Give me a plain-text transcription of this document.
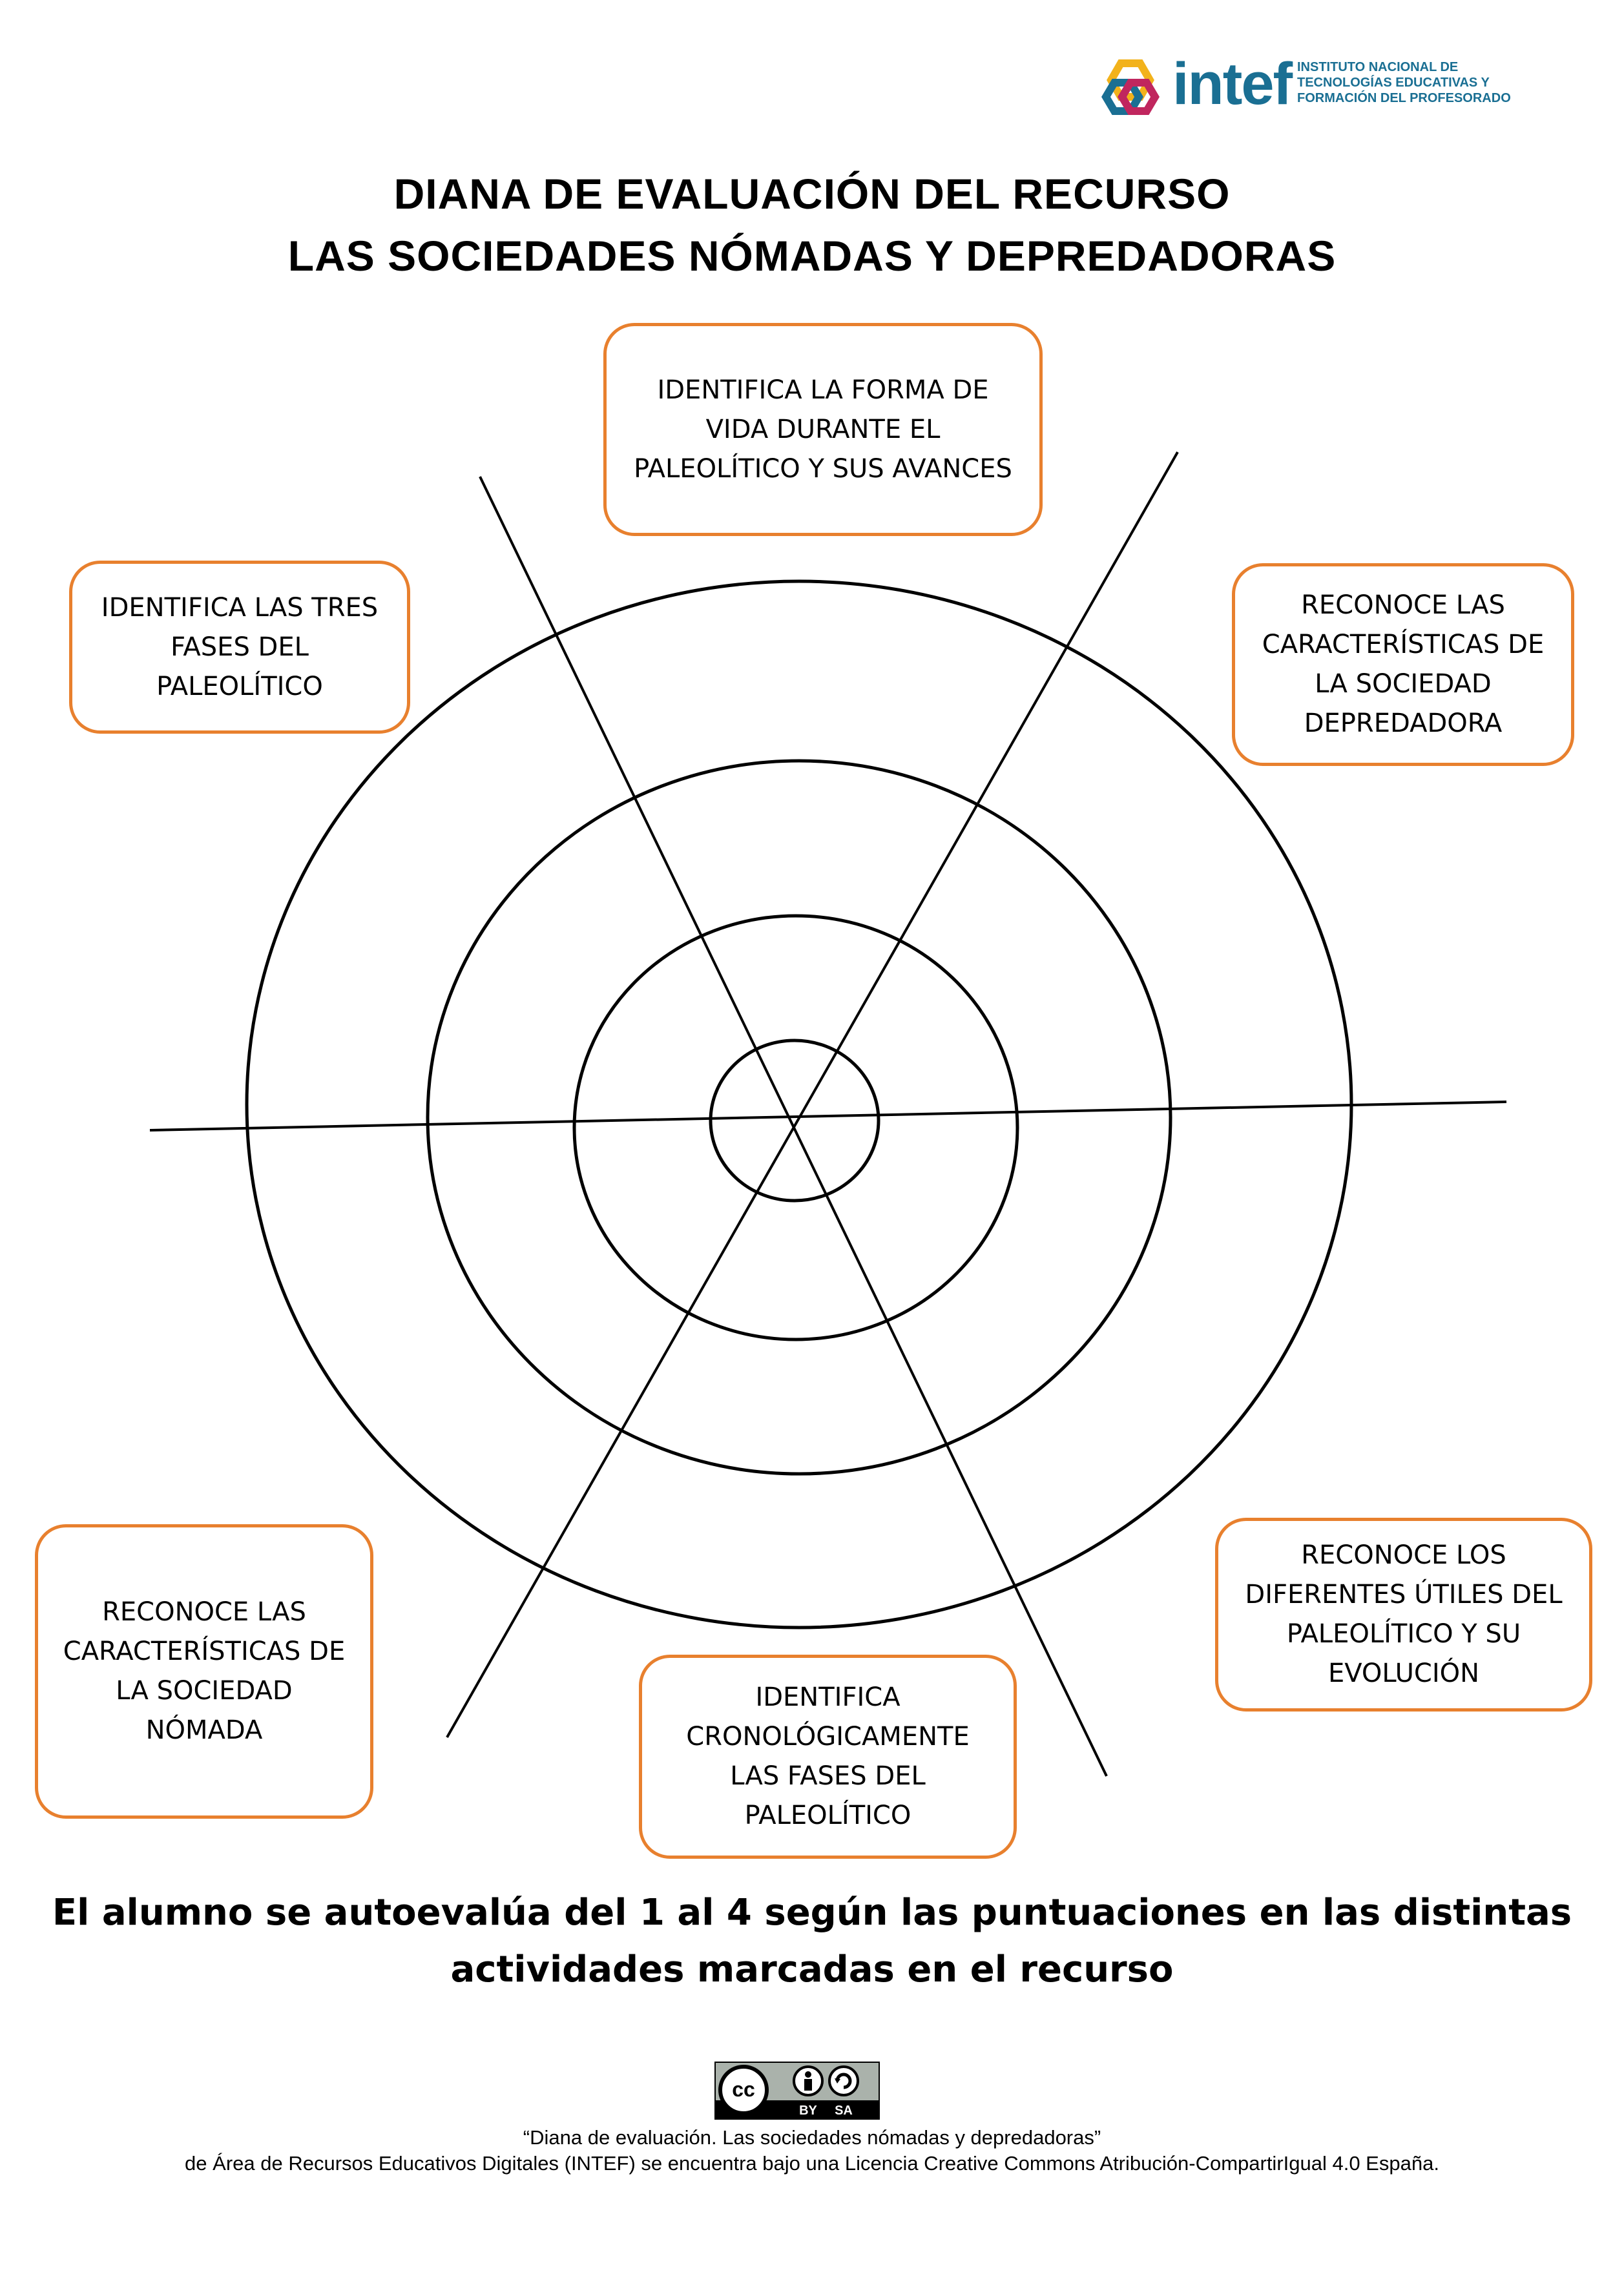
intef INSTITUTO NACIONAL DE
TECNOLOGÍAS EDUCATIVAS Y
FORMACIÓN DEL PROFESORADO
DIANA DE EVALUACIÓN DEL RECURSO
LAS SOCIEDADES NÓMADAS Y DEPREDADORAS
IDENTIFICA LA FORMA DE
VIDA DURANTE EL
PALEOLÍTICO Y SUS AVANCES
RECONOCE LAS
CARACTERÍSTICAS DE
LA SOCIEDAD
DEPREDADORA
RECONOCE LOS
DIFERENTES ÚTILES DEL
PALEOLÍTICO Y SU
EVOLUCIÓN
IDENTIFICA
CRONOLÓGICAMENTE
LAS FASES DEL
PALEOLÍTICO
RECONOCE LAS
CARACTERÍSTICAS DE
LA SOCIEDAD
NÓMADA
IDENTIFICA LAS TRES
FASES DEL
PALEOLÍTICO
El alumno se autoevalúa del 1 al 4 según las puntuaciones en las distintas
actividades marcadas en el recurso
cc
BY SA
“Diana de evaluación. Las sociedades nómadas y depredadoras”
de Área de Recursos Educativos Digitales (INTEF) se encuentra bajo una Licencia Creative Commons Atribución-CompartirIgual 4.0 España.
